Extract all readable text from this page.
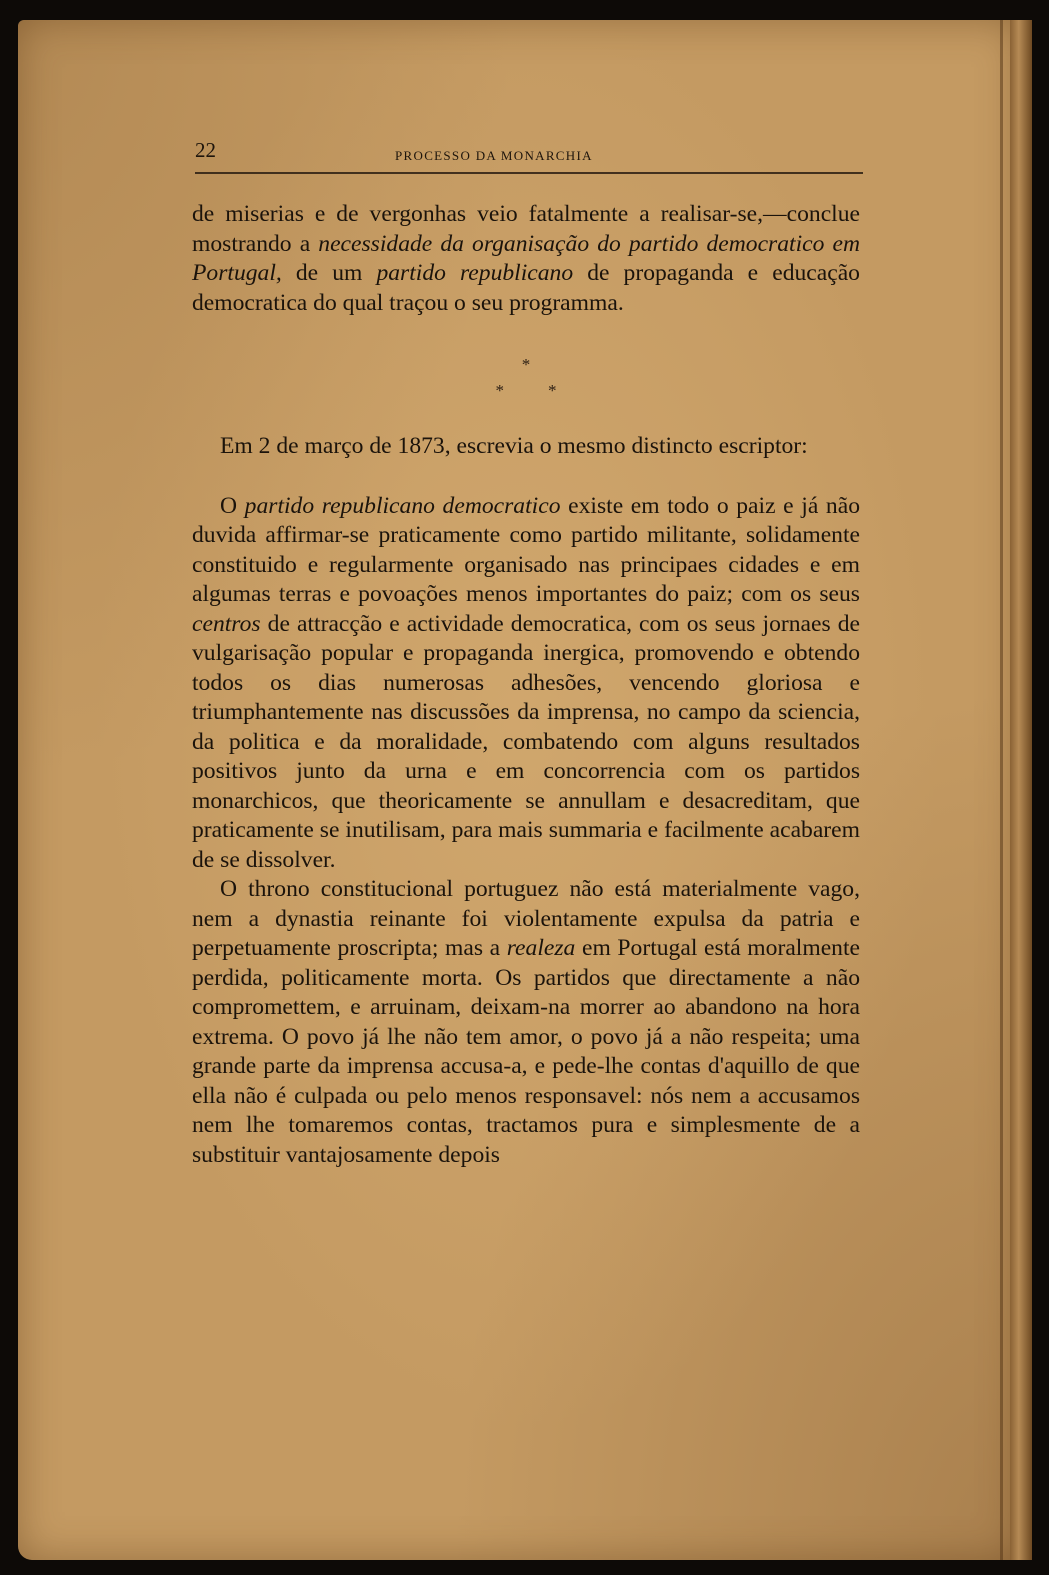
22	PROCESSO DA MONARCHIA

de miserias e de vergonhas veio fatalmente a realisar-se,—conclue mostrando a necessidade da organisação do partido democratico em Portugal, de um partido republicano de propaganda e educação democratica do qual traçou o seu programma.

*
*	*

Em 2 de março de 1873, escrevia o mesmo distincto escriptor:

O partido republicano democratico existe em todo o paiz e já não duvida affirmar-se praticamente como partido militante, solidamente constituido e regularmente organisado nas principaes cidades e em algumas terras e povoações menos importantes do paiz; com os seus centros de attracção e actividade democratica, com os seus jornaes de vulgarisação popular e propaganda inergica, promovendo e obtendo todos os dias numerosas adhesões, vencendo gloriosa e triumphantemente nas discussões da imprensa, no campo da sciencia, da politica e da moralidade, combatendo com alguns resultados positivos junto da urna e em concorrencia com os partidos monarchicos, que theoricamente se annullam e desacreditam, que praticamente se inutilisam, para mais summaria e facilmente acabarem de se dissolver.

O throno constitucional portuguez não está materialmente vago, nem a dynastia reinante foi violentamente expulsa da patria e perpetuamente proscripta; mas a realeza em Portugal está moralmente perdida, politicamente morta. Os partidos que directamente a não compromettem, e arruinam, deixam-na morrer ao abandono na hora extrema. O povo já lhe não tem amor, o povo já a não respeita; uma grande parte da imprensa accusa-a, e pede-lhe contas d'aquillo de que ella não é culpada ou pelo menos responsavel: nós nem a accusamos nem lhe tomaremos contas, tractamos pura e simplesmente de a substituir vantajosamente depois
